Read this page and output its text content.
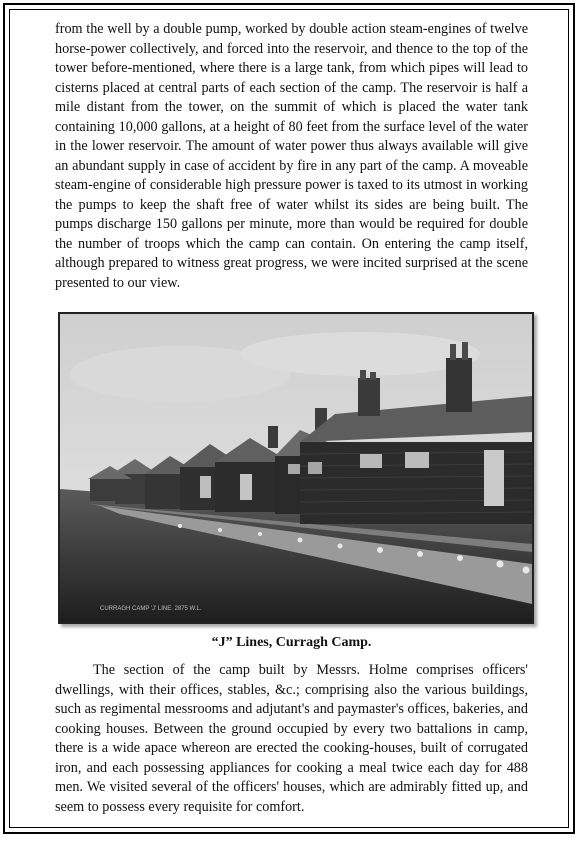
from the well by a double pump, worked by double action steam-engines of twelve horse-power collectively, and forced into the reservoir, and thence to the top of the tower before-mentioned, where there is a large tank, from which pipes will lead to cisterns placed at central parts of each section of the camp. The reservoir is half a mile distant from the tower, on the summit of which is placed the water tank containing 10,000 gallons, at a height of 80 feet from the surface level of the water in the lower reservoir. The amount of water power thus always available will give an abundant supply in case of accident by fire in any part of the camp. A moveable steam-engine of considerable high pressure power is taxed to its utmost in working the pumps to keep the shaft free of water whilst its sides are being built. The pumps discharge 150 gallons per minute, more than would be required for double the number of troops which the camp can contain. On entering the camp itself, although prepared to witness great progress, we were incited surprised at the scene presented to our view.

CURRAGH CAMP 'J' LINE. 2875 W.L.
“J” Lines, Curragh Camp.

The section of the camp built by Messrs. Holme comprises officers' dwellings, with their offices, stables, &c.; comprising also the various buildings, such as regimental messrooms and adjutant's and paymaster's offices, bakeries, and cooking houses. Between the ground occupied by every two battalions in camp, there is a wide apace whereon are erected the cooking-houses, built of corrugated iron, and each possessing appliances for cooking a meal twice each day for 488 men. We visited several of the officers' houses, which are admirably fitted up, and seem to possess every requisite for comfort.
